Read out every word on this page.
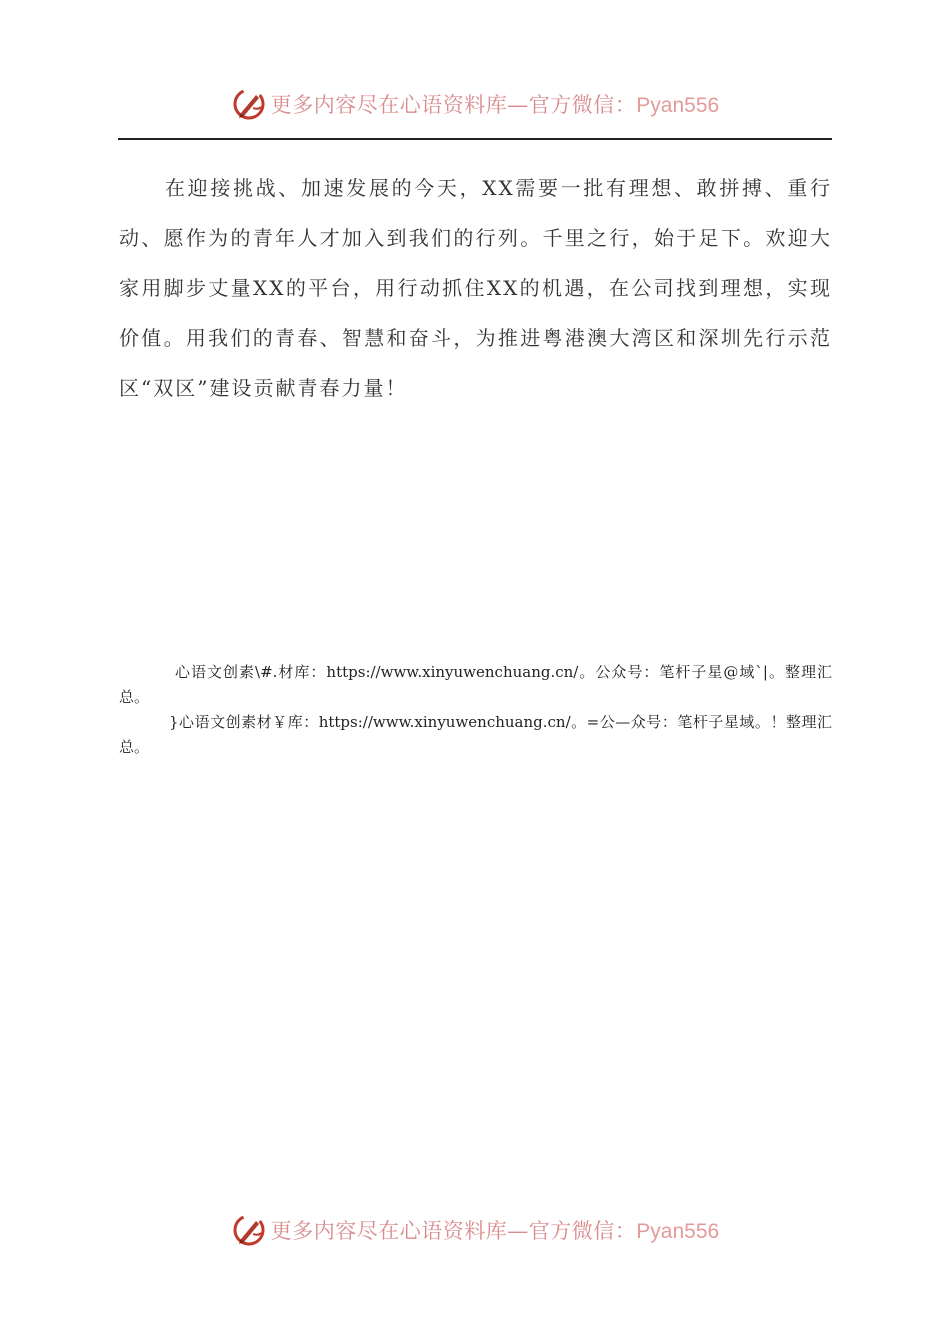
更多内容尽在心语资料库—官方微信：Pyan556

在迎接挑战、加速发展的今天，XX需要一批有理想、敢拼搏、重行动、愿作为的青年人才加入到我们的行列。千里之行，始于足下。欢迎大家用脚步丈量XX的平台，用行动抓住XX的机遇，在公司找到理想，实现价值。用我们的青春、智慧和奋斗，为推进粤港澳大湾区和深圳先行示范区“双区”建设贡献青春力量！

心语文创素\#.材库：https://www.xinyuwenchuang.cn/。公众号：笔杆子星@域`|。整理汇总。

}心语文创素材￥库：https://www.xinyuwenchuang.cn/。=公—众号：笔杆子星域。！整理汇总。

更多内容尽在心语资料库—官方微信：Pyan556
